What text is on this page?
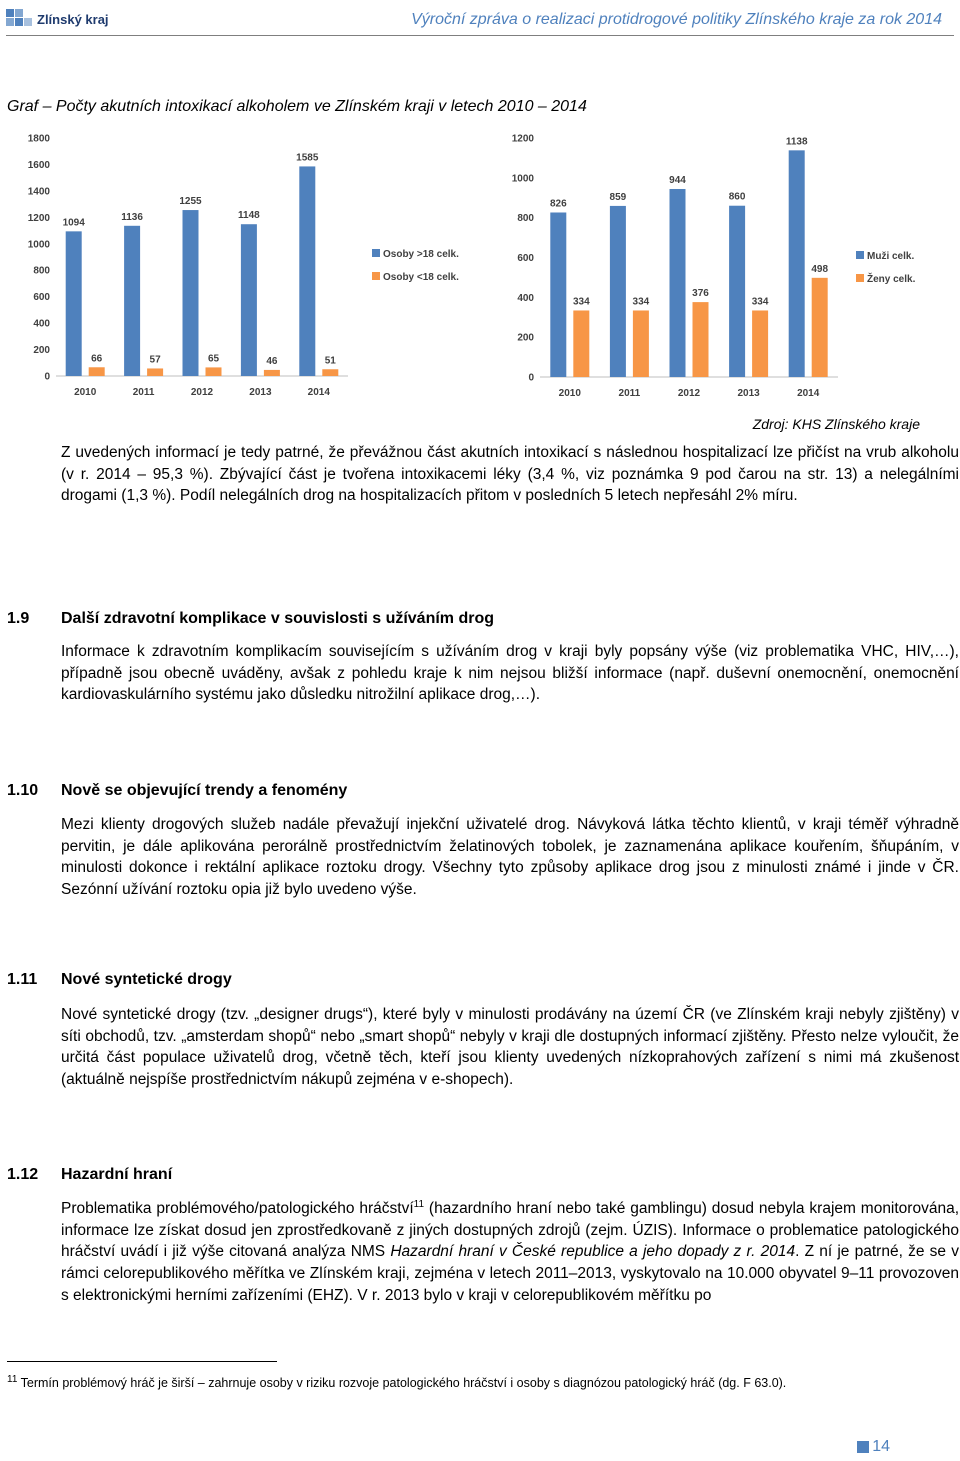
Zlínský kraj	Výroční zpráva o realizaci protidrogové politiky Zlínského kraje za rok 2014
Graf – Počty akutních intoxikací alkoholem ve Zlínském kraji v letech 2010 – 2014
0
200
400
600
800
1000
1200
1400
1600
1800
2010
1094
66
2011
1136
57
2012
1255
65
2013
1148
46
2014
1585
51
Osoby >18 celk.
Osoby <18 celk.
0
200
400
600
800
1000
1200
2010
826
334
2011
859
334
2012
944
376
2013
860
334
2014
1138
498
Muži celk.
Ženy celk.
Zdroj: KHS Zlínského kraje
Z uvedených informací je tedy patrné, že převážnou část akutních intoxikací s následnou hospitalizací lze přičíst na vrub alkoholu (v r. 2014 – 95,3 %). Zbývající část je tvořena intoxikacemi léky (3,4 %, viz poznámka 9 pod čarou na str. 13) a nelegálními drogami (1,3 %). Podíl nelegálních drog na hospitalizacích přitom v posledních 5 letech nepřesáhl 2% míru.
1.9 Další zdravotní komplikace v souvislosti s užíváním drog
Informace k zdravotním komplikacím souvisejícím s užíváním drog v kraji byly popsány výše (viz problematika VHC, HIV,…), případně jsou obecně uváděny, avšak z pohledu kraje k nim nejsou bližší informace (např. duševní onemocnění, onemocnění kardiovaskulárního systému jako důsledku nitrožilní aplikace drog,…).
1.10 Nově se objevující trendy a fenomény
Mezi klienty drogových služeb nadále převažují injekční uživatelé drog. Návyková látka těchto klientů, v kraji téměř výhradně pervitin, je dále aplikována perorálně prostřednictvím želatinových tobolek, je zaznamenána aplikace kouřením, šňupáním, v minulosti dokonce i rektální aplikace roztoku drogy. Všechny tyto způsoby aplikace drog jsou z minulosti známé i jinde v ČR. Sezónní užívání roztoku opia již bylo uvedeno výše.
1.11 Nové syntetické drogy
Nové syntetické drogy (tzv. „designer drugs“), které byly v minulosti prodávány na území ČR (ve Zlínském kraji nebyly zjištěny) v síti obchodů, tzv. „amsterdam shopů“ nebo „smart shopů“ nebyly v kraji dle dostupných informací zjištěny. Přesto nelze vyloučit, že určitá část populace uživatelů drog, včetně těch, kteří jsou klienty uvedených nízkoprahových zařízení s nimi má zkušenost (aktuálně nejspíše prostřednictvím nákupů zejména v e-shopech).
1.12 Hazardní hraní
Problematika problémového/patologického hráčství$^{11}$ (hazardního hraní nebo také gamblingu) dosud nebyla krajem monitorována, informace lze získat dosud jen zprostředkovaně z jiných dostupných zdrojů (zejm. ÚZIS). Informace o problematice patologického hráčství uvádí i již výše citovaná analýza NMS Hazardní hraní v České republice a jeho dopady z r. 2014. Z ní je patrné, že se v rámci celorepublikového měřítka ve Zlínském kraji, zejména v letech 2011–2013, vyskytovalo na 10.000 obyvatel 9–11 provozoven s elektronickými herními zařízeními (EHZ). V r. 2013 bylo v kraji v celorepublikovém měřítku po
$^{11}$ Termín problémový hráč je širší – zahrnuje osoby v riziku rozvoje patologického hráčství i osoby s diagnózou patologický hráč (dg. F 63.0).
14
